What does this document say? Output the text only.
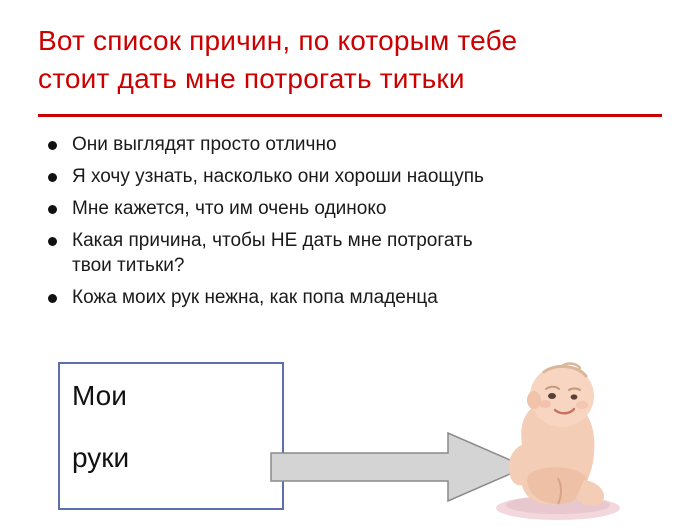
Вот список причин, по которым тебе
стоит дать мне потрогать титьки
Они выглядят просто отлично
Я хочу узнать, насколько они хороши наощупь
Мне кажется, что им очень одиноко
Какая причина, чтобы НЕ дать мне потрогать
твои титьки?
Кожа моих рук нежна, как попа младенца
Мои
руки
